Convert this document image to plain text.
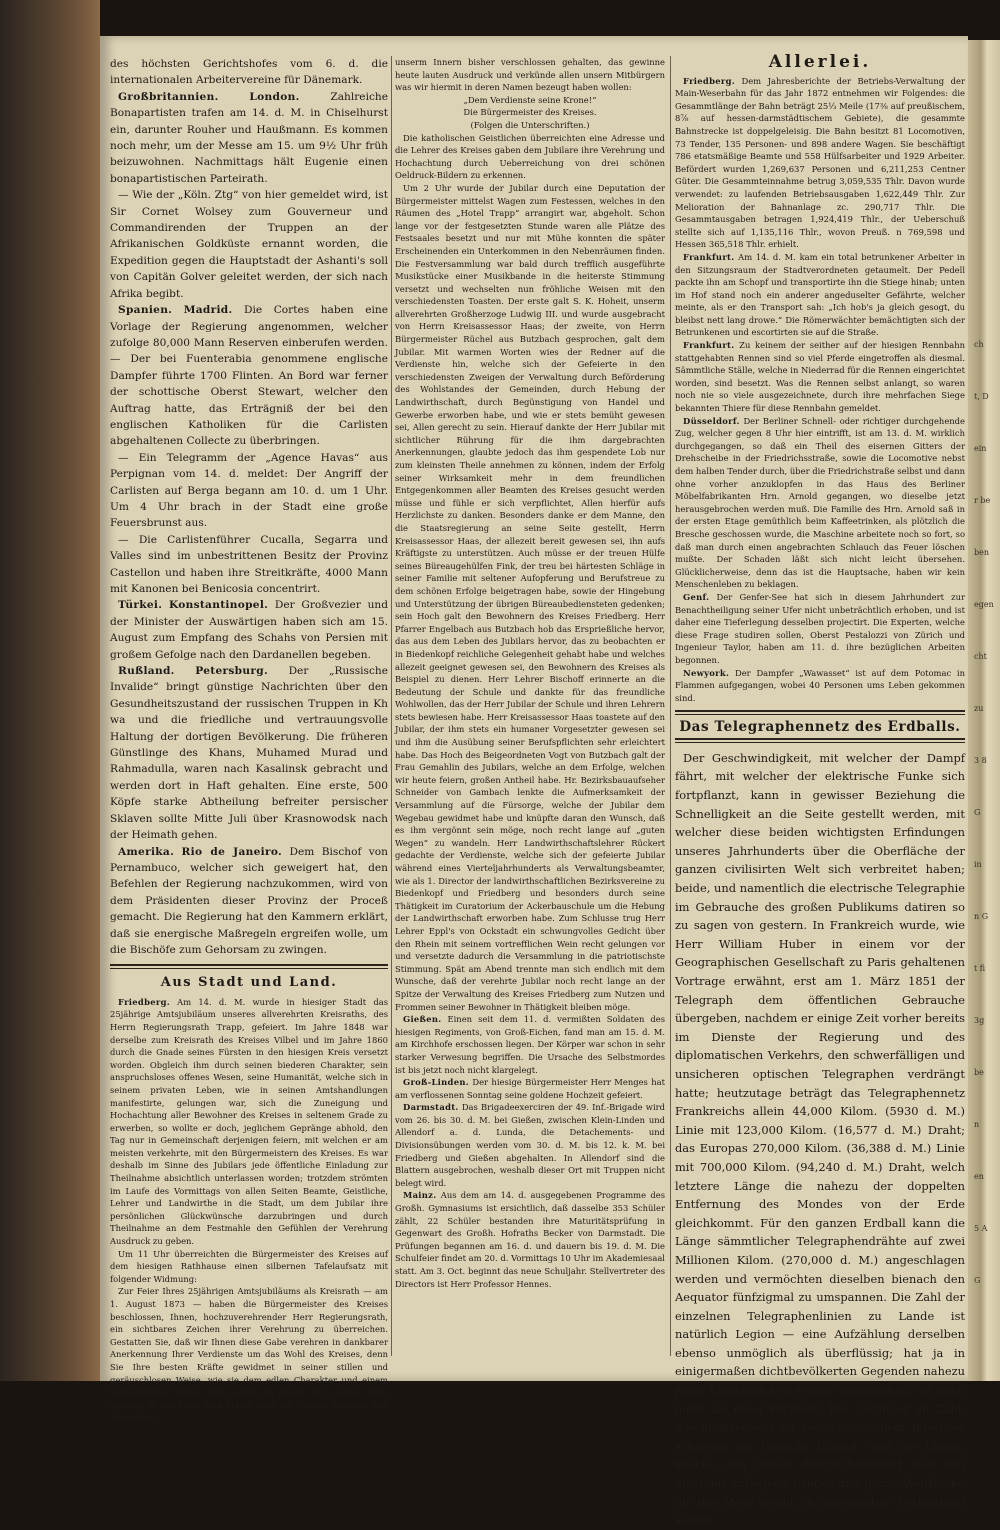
ch
t, D
ein
r be
ben
egen
cht
zu
3 8
G
in
n G
t fi
3g
be
n
en
5 A
G

des höchsten Gerichtshofes vom 6. d. die internationalen Arbeitervereine für Dänemark.

Großbritannien.	London.	Zahlreiche Bonapartisten trafen am 14. d. M. in Chiselhurst ein, darunter Rouher und Haußmann. Es kommen noch mehr, um der Messe am 15. um 9½ Uhr früh beizuwohnen. Nachmittags hält Eugenie einen bonapartistischen Parteirath.

— Wie der „Köln. Ztg“ von hier gemeldet wird, ist Sir Cornet Wolsey zum Gouverneur und Commandirenden der Truppen an der Afrikanischen Goldküste ernannt worden, die Expedition gegen die Hauptstadt der Ashanti's soll von Capitän Golver geleitet werden, der sich nach Afrika begibt.

Spanien. Madrid. Die Cortes haben eine Vorlage der Regierung angenommen, welcher zufolge 80,000 Mann Reserven einberufen werden. — Der bei Fuenterabia genommene englische Dampfer führte 1700 Flinten. An Bord war ferner der schottische Oberst Stewart, welcher den Auftrag hatte, das Erträgniß der bei den englischen Katholiken für die Carlisten abgehaltenen Collecte zu überbringen.

— Ein Telegramm der „Agence Havas“ aus Perpignan vom 14. d. meldet: Der Angriff der Carlisten auf Berga begann am 10. d. um 1 Uhr. Um 4 Uhr brach in der Stadt eine große Feuersbrunst aus.

— Die Carlistenführer Cucalla, Segarra und Valles sind im unbestrittenen Besitz der Provinz Castellon und haben ihre Streitkräfte, 4000 Mann mit Kanonen bei Benicosia concentrirt.

Türkei. Konstantinopel. Der Großvezier und der Minister der Auswärtigen haben sich am 15. August zum Empfang des Schahs von Persien mit großem Gefolge nach den Dardanellen begeben.

Rußland. Petersburg. Der „Russische Invalide“ bringt günstige Nachrichten über den Gesundheitszustand der russischen Truppen in Kh wa und die friedliche und vertrauungsvolle Haltung der dortigen Bevölkerung. Die früheren Günstlinge des Khans, Muhamed Murad und Rahmadulla, waren nach Kasalinsk gebracht und werden dort in Haft gehalten. Eine erste, 500 Köpfe starke Abtheilung befreiter persischer Sklaven sollte Mitte Juli über Krasnowodsk nach der Heimath gehen.

Amerika. Rio de Janeiro. Dem Bischof von Pernambuco, welcher sich geweigert hat, den Befehlen der Regierung nachzukommen, wird von dem Präsidenten dieser Provinz der Proceß gemacht. Die Regierung hat den Kammern erklärt, daß sie energische Maßregeln ergreifen wolle, um die Bischöfe zum Gehorsam zu zwingen.

Aus Stadt und Land.

Friedberg. Am 14. d. M. wurde in hiesiger Stadt das 25jährige Amtsjubiläum unseres allverehrten Kreisraths, des Herrn Regierungsrath Trapp, gefeiert. Im Jahre 1848 war derselbe zum Kreisrath des Kreises Vilbel und im Jahre 1860 durch die Gnade seines Fürsten in den hiesigen Kreis versetzt worden. Obgleich ihm durch seinen biederen Charakter, sein anspruchsloses offenes Wesen, seine Humanität, welche sich in seinem privaten Leben, wie in seinen Amtshandlungen manifestirte, gelungen war, sich die Zuneigung und Hochachtung aller Bewohner des Kreises in seltenem Grade zu erwerben, so wollte er doch, jeglichem Gepränge abhold, den Tag nur in Gemeinschaft derjenigen feiern, mit welchen er am meisten verkehrte, mit den Bürgermeistern des Kreises. Es war deshalb im Sinne des Jubilars jede öffentliche Einladung zur Theilnahme absichtlich unterlassen worden; trotzdem strömten im Laufe des Vormittags von allen Seiten Beamte, Geistliche, Lehrer und Landwirthe in die Stadt, um dem Jubilar ihre persönlichen Glückwünsche darzubringen und durch Theilnahme an dem Festmahle den Gefühlen der Verehrung Ausdruck zu geben.

Um 11 Uhr überreichten die Bürgermeister des Kreises auf dem hiesigen Rathhause einen silbernen Tafelaufsatz mit folgender Widmung:

Zur Feier Ihres 25jährigen Amtsjubiläums als Kreisrath — am 1. August 1873 — haben die Bürgermeister des Kreises beschlossen, Ihnen, hochzuverehrender Herr Regierungsrath, ein sichtbares Zeichen ihrer Verehrung zu überreichen. Gestatten Sie, daß wir Ihnen diese Gabe verehren in dankbarer Anerkennung Ihrer Verdienste um das Wohl des Kreises, denn Sie Ihre besten Kräfte gewidmet in seiner stillen und geräuschlosen Weise, wie sie dem edlen Charakter und einem hochsinnigen Herzen stets eigen zu pflegt. Ein solches Herz gewinnt in der Stille eine Macht über die Herzen Anderer, und was wir in

unserm Innern bisher verschlossen gehalten, das gewinne heute lauten Ausdruck und verkünde allen unsern Mitbürgern was wir hiermit in deren Namen bezeugt haben wollen:

„Dem Verdienste seine Krone!“

Die Bürgermeister des Kreises.

(Folgen die Unterschriften.)

Die katholischen Geistlichen überreichten eine Adresse und die Lehrer des Kreises gaben dem Jubilare ihre Verehrung und Hochachtung durch Ueberreichung von drei schönen Oeldruck-Bildern zu erkennen.

Um 2 Uhr wurde der Jubilar durch eine Deputation der Bürgermeister mittelst Wagen zum Festessen, welches in den Räumen des „Hotel Trapp“ arrangirt war, abgeholt. Schon lange vor der festgesetzten Stunde waren alle Plätze des Festsaales besetzt und nur mit Mühe konnten die später Erscheinenden ein Unterkommen in den Nebenräumen finden. Die Festversammlung war bald durch trefflich ausgeführte Musikstücke einer Musikbande in die heiterste Stimmung versetzt und wechselten nun fröhliche Weisen mit den verschiedensten Toasten. Der erste galt S. K. Hoheit, unserm allverehrten Großherzoge Ludwig III. und wurde ausgebracht von Herrn Kreisassessor Haas; der zweite, von Herrn Bürgermeister Rüchel aus Butzbach gesprochen, galt dem Jubilar. Mit warmen Worten wies der Redner auf die Verdienste hin, welche sich der Gefeierte in den verschiedensten Zweigen der Verwaltung durch Beförderung des Wohlstandes der Gemeinden, durch Hebung der Landwirthschaft, durch Begünstigung von Handel und Gewerbe erworben habe, und wie er stets bemüht gewesen sei, Allen gerecht zu sein. Hierauf dankte der Herr Jubilar mit sichtlicher Rührung für die ihm dargebrachten Anerkennungen, glaubte jedoch das ihm gespendete Lob nur zum kleinsten Theile annehmen zu können, indem der Erfolg seiner Wirksamkeit mehr in dem freundlichen Entgegenkommen aller Beamten des Kreises gesucht werden müsse und fühle er sich verpflichtet, Allen hierfür aufs Herzlichste zu danken. Besonders danke er dem Manne, den die Staatsregierung an seine Seite gestellt, Herrn Kreisassessor Haas, der allezeit bereit gewesen sei, ihn aufs Kräftigste zu unterstützen. Auch müsse er der treuen Hülfe seines Büreaugehülfen Fink, der treu bei härtesten Schläge in seiner Familie mit seltener Aufopferung und Berufstreue zu dem schönen Erfolge beigetragen habe, sowie der Hingebung und Unterstützung der übrigen Büreaubediensteten gedenken; sein Hoch galt den Bewohnern des Kreises Friedberg. Herr Pfarrer Engelbach aus Butzbach hob das Ersprießliche hervor, das aus dem Leben des Jubilars hervor, das zu beobachten er in Biedenkopf reichliche Gelegenheit gehabt habe und welches allezeit geeignet gewesen sei, den Bewohnern des Kreises als Beispiel zu dienen. Herr Lehrer Bischoff erinnerte an die Bedeutung der Schule und dankte für das freundliche Wohlwollen, das der Herr Jubilar der Schule und ihren Lehrern stets bewiesen habe. Herr Kreisassessor Haas toastete auf den Jubilar, der ihm stets ein humaner Vorgesetzter gewesen sei und ihm die Ausübung seiner Berufspflichten sehr erleichtert habe. Das Hoch des Beigeordneten Vogt von Butzbach galt der Frau Gemahlin des Jubilars, welche an dem Erfolge, welchen wir heute feiern, großen Antheil habe. Hr. Bezirksbauaufseher Schneider von Gambach lenkte die Aufmerksamkeit der Versammlung auf die Fürsorge, welche der Jubilar dem Wegebau gewidmet habe und knüpfte daran den Wunsch, daß es ihm vergönnt sein möge, noch recht lange auf „guten Wegen“ zu wandeln. Herr Landwirthschaftslehrer Rückert gedachte der Verdienste, welche sich der gefeierte Jubilar während eines Vierteljahrhunderts als Verwaltungsbeamter, wie als 1. Director der landwirthschaftlichen Bezirksvereine zu Biedenkopf und Friedberg und besonders durch seine Thätigkeit im Curatorium der Ackerbauschule um die Hebung der Landwirthschaft erworben habe. Zum Schlusse trug Herr Lehrer Eppl's von Ockstadt ein schwungvolles Gedicht über den Rhein mit seinem vortrefflichen Wein recht gelungen vor und versetzte dadurch die Versammlung in die patriotischste Stimmung. Spät am Abend trennte man sich endlich mit dem Wunsche, daß der verehrte Jubilar noch recht lange an der Spitze der Verwaltung des Kreises Friedberg zum Nutzen und Frommen seiner Bewohner in Thätigkeit bleiben möge.

Gießen. Einen seit dem 11. d. vermißten Soldaten des hiesigen Regiments, von Groß-Eichen, fand man am 15. d. M. am Kirchhofe erschossen liegen. Der Körper war schon in sehr starker Verwesung begriffen. Die Ursache des Selbstmordes ist bis jetzt noch nicht klargelegt.

Groß-Linden. Der hiesige Bürgermeister Herr Menges hat am verflossenen Sonntag seine goldene Hochzeit gefeiert.

Darmstadt. Das Brigadeexerciren der 49. Inf.-Brigade wird vom 26. bis 30. d. M. bei Gießen, zwischen Klein-Linden und Allendorf a. d. Lunda, die Detachements- und Divisionsübungen werden vom 30. d. M. bis 12. k. M. bei Friedberg und Gießen abgehalten. In Allendorf sind die Blattern ausgebrochen, weshalb dieser Ort mit Truppen nicht belegt wird.

Mainz. Aus dem am 14. d. ausgegebenen Programme des Großh. Gymnasiums ist ersichtlich, daß dasselbe 353 Schüler zählt, 22 Schüler bestanden ihre Maturitätsprüfung in Gegenwart des Großh. Hofraths Becker von Darmstadt. Die Prüfungen begannen am 16. d. und dauern bis 19. d. M. Die Schulfeier findet am 20. d. Vormittags 10 Uhr im Akademiesaal statt. Am 3. Oct. beginnt das neue Schuljahr. Stellvertreter des Directors ist Herr Professor Hennes.

Allerlei.

Friedberg. Dem Jahresberichte der Betriebs-Verwaltung der Main-Weserbahn für das Jahr 1872 entnehmen wir Folgendes: die Gesammtlänge der Bahn beträgt 25⅓ Meile (17⅜ auf preußischem, 8⅞ auf hessen-darmstädtischem Gebiete), die gesammte Bahnstrecke ist doppelgeleisig. Die Bahn besitzt 81 Locomotiven, 73 Tender, 135 Personen- und 898 andere Wagen. Sie beschäftigt 786 etatsmäßige Beamte und 558 Hülfsarbeiter und 1929 Arbeiter. Befördert wurden 1,269,637 Personen und 6,211,253 Centner Güter. Die Gesammteinnahme betrug 3,059,535 Thlr. Davon wurde verwendet: zu laufenden Betriebsausgaben 1,622,449 Thlr. Zur Melioration der Bahnanlage zc. 290,717 Thlr. Die Gesammtausgaben betragen 1,924,419 Thlr., der Ueberschuß stellte sich auf 1,135,116 Thlr., wovon Preuß. n 769,598 und Hessen 365,518 Thlr. erhielt.

Frankfurt. Am 14. d. M. kam ein total betrunkener Arbeiter in den Sitzungsraum der Stadtverordneten getaumelt. Der Pedell packte ihn am Schopf und transportirte ihn die Stiege hinab; unten im Hof stand noch ein anderer angeduselter Gefährte, welcher meinte, als er den Transport sah: „Ich hob's ja gleich gesogt, du bleibst nett lang drowe.“ Die Römerwächter bemächtigten sich der Betrunkenen und escortirten sie auf die Straße.

Frankfurt. Zu keinem der seither auf der hiesigen Rennbahn stattgehabten Rennen sind so viel Pferde eingetroffen als diesmal. Sämmtliche Ställe, welche in Niederrad für die Rennen eingerichtet worden, sind besetzt. Was die Rennen selbst anlangt, so waren noch nie so viele ausgezeichnete, durch ihre mehrfachen Siege bekannten Thiere für diese Rennbahn gemeldet.

Düsseldorf. Der Berliner Schnell- oder richtiger durchgehende Zug, welcher gegen 8 Uhr hier eintrifft, ist am 13. d. M. wirklich durchgegangen, so daß ein Theil des eisernen Gitters der Drehscheibe in der Friedrichsstraße, sowie die Locomotive nebst dem halben Tender durch, über die Friedrichstraße selbst und dann ohne vorher anzuklopfen in das Haus des Berliner Möbelfabrikanten Hrn. Arnold gegangen, wo dieselbe jetzt herausgebrochen werden muß. Die Familie des Hrn. Arnold saß in der ersten Etage gemüthlich beim Kaffeetrinken, als plötzlich die Bresche geschossen wurde, die Maschine arbeitete noch so fort, so daß man durch einen angebrachten Schlauch das Feuer löschen mußte. Der Schaden läßt sich nicht leicht übersehen. Glücklicherweise, denn das ist die Hauptsache, haben wir kein Menschenleben zu beklagen.

Genf. Der Genfer-See hat sich in diesem Jahrhundert zur Benachtheiligung seiner Ufer nicht unbeträchtlich erhoben, und ist daher eine Tieferlegung desselben projectirt. Die Experten, welche diese Frage studiren sollen, Oberst Pestalozzi von Zürich und Ingenieur Taylor, haben am 11. d. ihre bezüglichen Arbeiten begonnen.

Newyork. Der Dampfer „Wawasset“ ist auf dem Potomac in Flammen aufgegangen, wobei 40 Personen ums Leben gekommen sind.

Das Telegraphennetz des Erdballs.

Der Geschwindigkeit, mit welcher der Dampf fährt, mit welcher der elektrische Funke sich fortpflanzt, kann in gewisser Beziehung die Schnelligkeit an die Seite gestellt werden, mit welcher diese beiden wichtigsten Erfindungen unseres Jahrhunderts über die Oberfläche der ganzen civilisirten Welt sich verbreitet haben; beide, und namentlich die electrische Telegraphie im Gebrauche des großen Publikums datiren so zu sagen von gestern. In Frankreich wurde, wie Herr William Huber in einem vor der Geographischen Gesellschaft zu Paris gehaltenen Vortrage erwähnt, erst am 1. März 1851 der Telegraph dem öffentlichen Gebrauche übergeben, nachdem er einige Zeit vorher bereits im Dienste der Regierung und des diplomatischen Verkehrs, den schwerfälligen und unsicheren optischen Telegraphen verdrängt hatte; heutzutage beträgt das Telegraphennetz Frankreichs allein 44,000 Kilom. (5930 d. M.) Linie mit 123,000 Kilom. (16,577 d. M.) Draht; das Europas 270,000 Kilom. (36,388 d. M.) Linie mit 700,000 Kilom. (94,240 d. M.) Draht, welch letztere Länge die nahezu der doppelten Entfernung des Mondes von der Erde gleichkommt. Für den ganzen Erdball kann die Länge sämmtlicher Telegraphendrähte auf zwei Millionen Kilom. (270,000 d. M.) angeschlagen werden und vermöchten dieselben bienach den Aequator fünfzigmal zu umspannen. Die Zahl der einzelnen Telegraphenlinien zu Lande ist natürlich Legion — eine Aufzählung derselben ebenso unmöglich als überflüssig; hat ja in einigermaßen dichtbevölkerten Gegenden nahezu jedes Landstädchen seinen Telegraphen, oft nach mehr als einer Richtung hin. Geringer an Zahl, wie andererseits an kosmopolitischem Interesse schwerer ins Gewicht fallend, sind die Linien, welche den Ocean durchschneidend weit von einander entlegene Länder und ganze Welttheile, die das Meer trennt, in gegenseitige Verbindung setzen;
